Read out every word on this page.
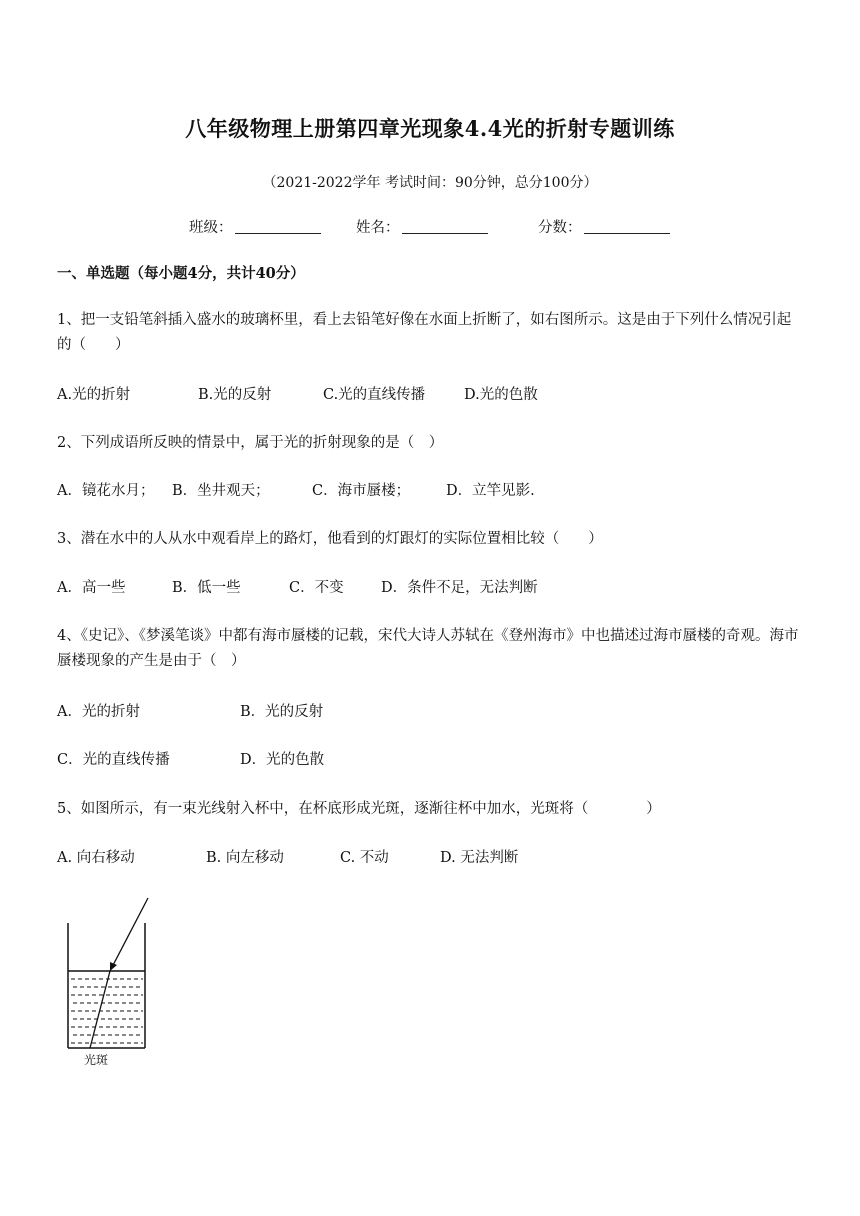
八年级物理上册第四章光现象4.4光的折射专题训练
（2021-2022学年 考试时间：90分钟，总分100分）
班级：	姓名：	分数：
一、单选题（每小题4分，共计40分）
1、把一支铅笔斜插入盛水的玻璃杯里，看上去铅笔好像在水面上折断了，如右图所示。这是由于下列什么情况引起的（　　）
A.光的折射	B.光的反射	C.光的直线传播	D.光的色散
2、下列成语所反映的情景中，属于光的折射现象的是（　）
A．镜花水月； B．坐井观天；	C．海市蜃楼； D．立竿见影.
3、潜在水中的人从水中观看岸上的路灯，他看到的灯跟灯的实际位置相比较（　　）
A．高一些	B．低一些	C．不变	D．条件不足，无法判断
4、《史记》、《梦溪笔谈》中都有海市蜃楼的记载，宋代大诗人苏轼在《登州海市》中也描述过海市蜃楼的奇观。海市蜃楼现象的产生是由于（　）
A．光的折射	B．光的反射
C．光的直线传播	D．光的色散
5、如图所示，有一束光线射入杯中，在杯底形成光斑，逐渐往杯中加水，光斑将（　　　　）
A. 向右移动	B. 向左移动	C. 不动	D. 无法判断
光斑
